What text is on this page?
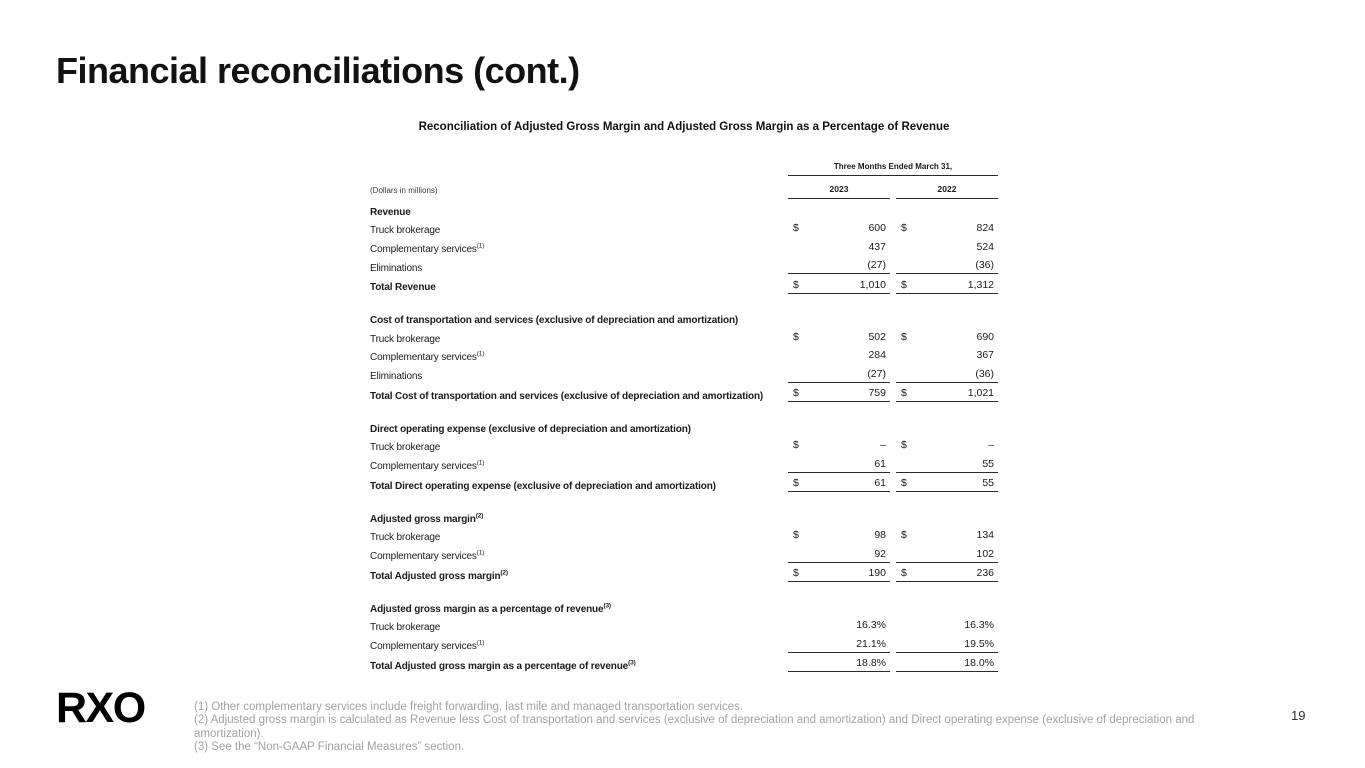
Financial reconciliations (cont.)
Reconciliation of Adjusted Gross Margin and Adjusted Gross Margin as a Percentage of Revenue
	Three Months Ended March 31,		
(Dollars in millions)	2023		2022
Revenue			
Truck brokerage	$ 600		$ 824

Complementary services$^{(1)}$	437		524

Eliminations	(27)		(36)

Total Revenue	$ 1,010		$ 1,312

Cost of transportation and services (exclusive of depreciation and amortization)			
Truck brokerage	$ 502		$ 690

Complementary services$^{(1)}$	284		367

Eliminations	(27)		(36)

Total Cost of transportation and services (exclusive of depreciation and amortization)	$ 759		$ 1,021

Direct operating expense (exclusive of depreciation and amortization)			
Truck brokerage	$ –		$ –

Complementary services$^{(1)}$	61		55

Total Direct operating expense (exclusive of depreciation and amortization)	$ 61		$ 55

Adjusted gross margin$^{(2)}$			
Truck brokerage	$ 98		$ 134

Complementary services$^{(1)}$	92		102

Total Adjusted gross margin$^{(2)}$	$ 190		$ 236

Adjusted gross margin as a percentage of revenue$^{(3)}$			
Truck brokerage	16.3%		16.3%

Complementary services$^{(1)}$	21.1%		19.5%

Total Adjusted gross margin as a percentage of revenue$^{(3)}$	18.8%		18.0%
RXO	(1) Other complementary services include freight forwarding, last mile and managed transportation services.
(2) Adjusted gross margin is calculated as Revenue less Cost of transportation and services (exclusive of depreciation and amortization) and Direct operating expense (exclusive of depreciation and amortization).
(3) See the “Non-GAAP Financial Measures” section.
19
